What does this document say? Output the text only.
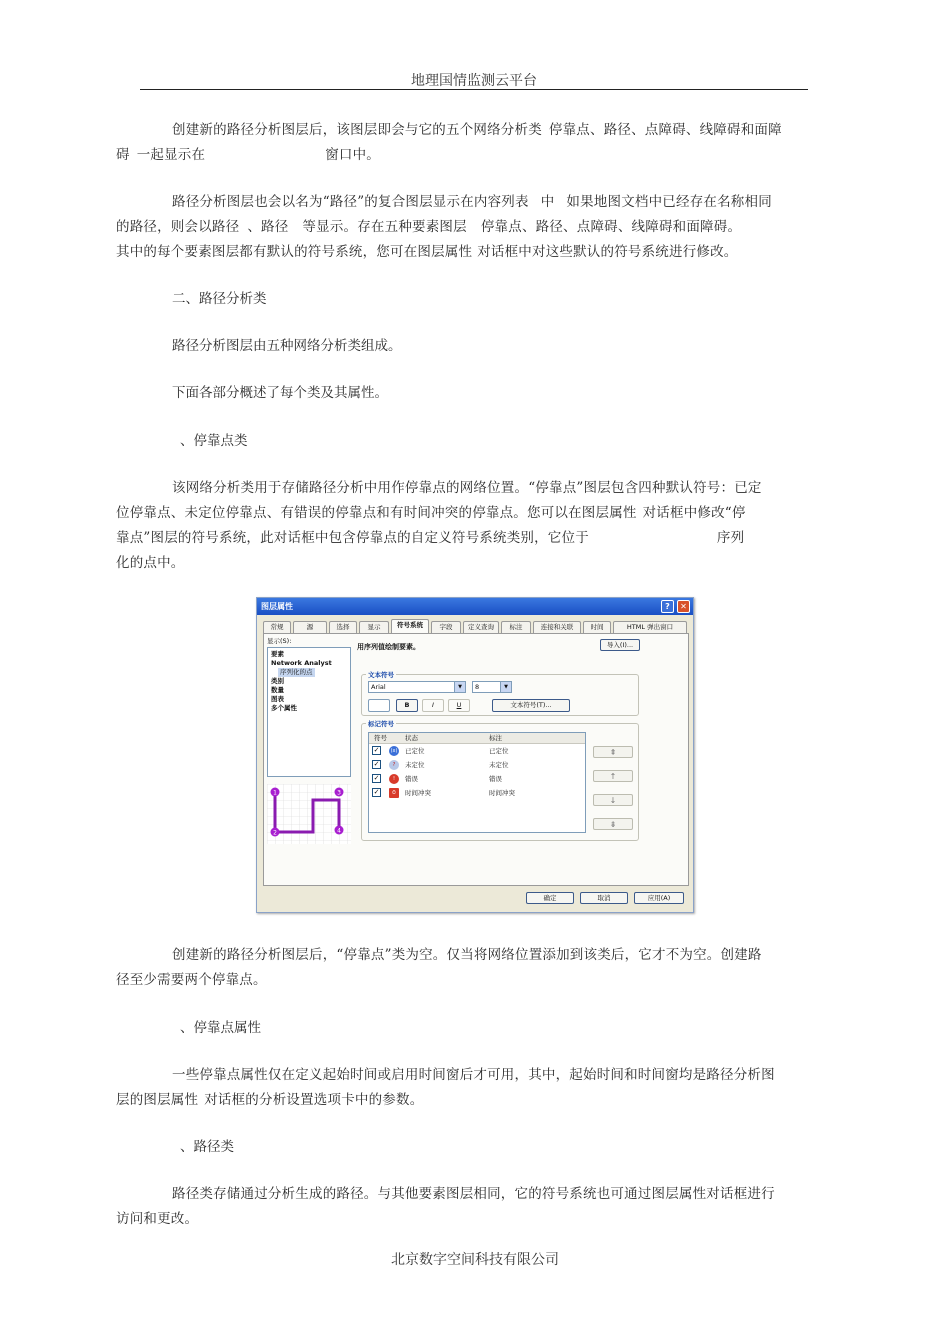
地理国情监测云平台

创建新的路径分析图层后，该图层即会与它的五个网络分析类 停靠点、路径、点障碍、线障碍和面障
碍 一起显示在	窗口中。

路径分析图层也会以名为“路径”的复合图层显示在内容列表 中 如果地图文档中已经存在名称相同
的路径，则会以路径 、路径 等显示。存在五种要素图层 停靠点、路径、点障碍、线障碍和面障碍。
其中的每个要素图层都有默认的符号系统，您可在图层属性 对话框中对这些默认的符号系统进行修改。

二、路径分析类

路径分析图层由五种网络分析类组成。

下面各部分概述了每个类及其属性。

、停靠点类

该网络分析类用于存储路径分析中用作停靠点的网络位置。“停靠点”图层包含四种默认符号：已定
位停靠点、未定位停靠点、有错误的停靠点和有时间冲突的停靠点。您可以在图层属性 对话框中修改“停
靠点”图层的符号系统，此对话框中包含停靠点的自定义符号系统类别，它位于	序列
化的点中。

图层属性	?	✕
常规	源	选择	显示	符号系统	字段	定义查询	标注	连接和关联	时间	HTML 弹出窗口
显示(S):
要素
Network Analyst
序列化的点
类别
数量
图表
多个属性
1
2
3
4
用序列值绘制要素。	导入(I)...
文本符号
Arial	▼	8	▼
B	I	U	文本符号(T)...
标记符号
符号	状态	标注
✓	(x) 已定位	已定位
✓	?	未定位	未定位
✓	!	错误	错误
✓	⏱	时间冲突	时间冲突
⇞
↑
↓
⇟
确定	取消	应用(A)

创建新的路径分析图层后，“停靠点”类为空。仅当将网络位置添加到该类后，它才不为空。创建路
径至少需要两个停靠点。

、停靠点属性

一些停靠点属性仅在定义起始时间或启用时间窗后才可用，其中，起始时间和时间窗均是路径分析图
层的图层属性 对话框的分析设置选项卡中的参数。

、路径类

路径类存储通过分析生成的路径。与其他要素图层相同，它的符号系统也可通过图层属性对话框进行
访问和更改。

北京数字空间科技有限公司
